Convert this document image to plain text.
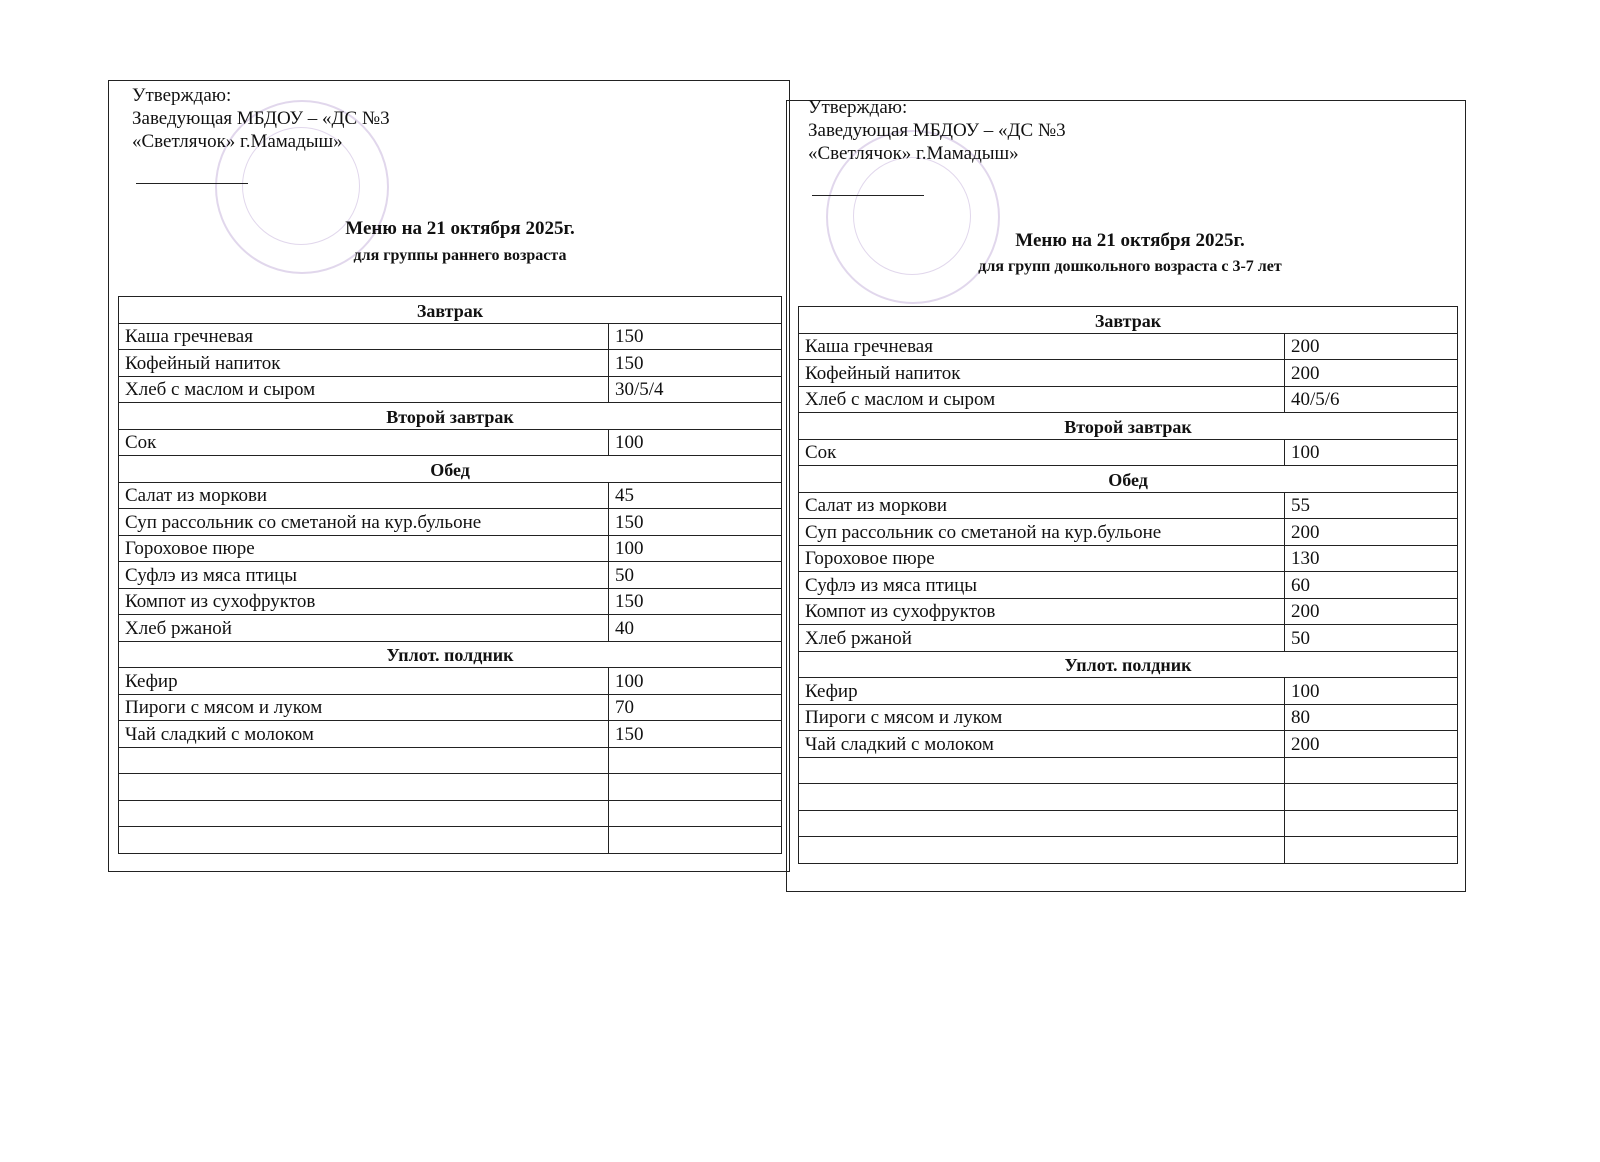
Утверждаю:
Заведующая МБДОУ – «ДС №3
«Светлячок» г.Мамадыш»
Меню на 21 октября 2025г.
для группы раннего возраста
Завтрак	
Каша гречневая	150
Кофейный напиток	150
Хлеб с маслом и сыром	30/5/4
Второй завтрак	
Сок	100
Обед	
Салат из моркови	45
Суп рассольник со сметаной на кур.бульоне	150
Гороховое пюре	100
Суфлэ из мяса птицы	50
Компот из сухофруктов	150
Хлеб ржаной	40
Уплот. полдник	
Кефир	100
Пироги с мясом и луком	70
Чай сладкий с молоком	150

Утверждаю:
Заведующая МБДОУ – «ДС №3
«Светлячок» г.Мамадыш»
Меню на 21 октября 2025г.
для групп дошкольного возраста с 3-7 лет
Завтрак	
Каша гречневая	200
Кофейный напиток	200
Хлеб с маслом и сыром	40/5/6
Второй завтрак	
Сок	100
Обед	
Салат из моркови	55
Суп рассольник со сметаной на кур.бульоне	200
Гороховое пюре	130
Суфлэ из мяса птицы	60
Компот из сухофруктов	200
Хлеб ржаной	50
Уплот. полдник	
Кефир	100
Пироги с мясом и луком	80
Чай сладкий с молоком	200
